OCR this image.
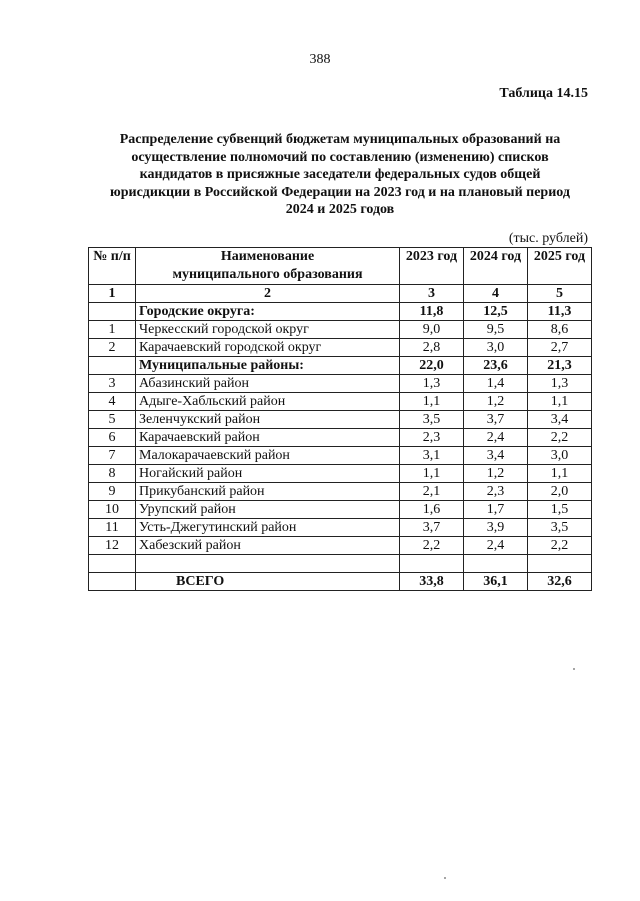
388
Таблица 14.15
Распределение субвенций бюджетам муниципальных образований на
осуществление полномочий по составлению (изменению) списков
кандидатов в присяжные заседатели федеральных судов общей
юрисдикции в Российской Федерации на 2023 год и на плановый период
2024 и 2025 годов
(тыс. рублей)
№ п/п	Наименование
муниципального образования	2023 год	2024 год	2025 год
1	2	3	4	5
	Городские округа:	11,8	12,5	11,3
1	Черкесский городской округ	9,0	9,5	8,6
2	Карачаевский городской округ	2,8	3,0	2,7
	Муниципальные районы:	22,0	23,6	21,3
3	Абазинский район	1,3	1,4	1,3
4	Адыге-Хабльский район	1,1	1,2	1,1
5	Зеленчукский район	3,5	3,7	3,4
6	Карачаевский район	2,3	2,4	2,2
7	Малокарачаевский район	3,1	3,4	3,0
8	Ногайский район	1,1	1,2	1,1
9	Прикубанский район	2,1	2,3	2,0
10	Урупский район	1,6	1,7	1,5
11	Усть-Джегутинский район	3,7	3,9	3,5
12	Хабезский район	2,2	2,4	2,2

	ВСЕГО	33,8	36,1	32,6
